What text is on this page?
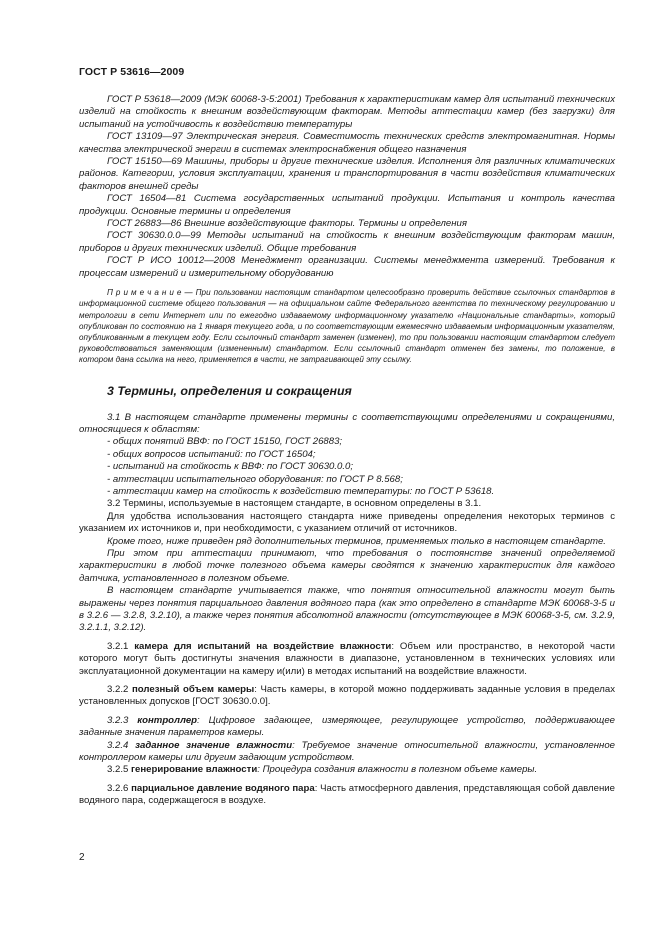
ГОСТ Р 53616—2009

ГОСТ Р 53618—2009 (МЭК 60068-3-5:2001) Требования к характеристикам камер для испытаний технических изделий на стойкость к внешним воздействующим факторам. Методы аттестации камер (без загрузки) для испытаний на устойчивость к воздействию температуры

ГОСТ 13109—97 Электрическая энергия. Совместимость технических средств электромагнитная. Нормы качества электрической энергии в системах электроснабжения общего назначения

ГОСТ 15150—69 Машины, приборы и другие технические изделия. Исполнения для различных климатических районов. Категории, условия эксплуатации, хранения и транспортирования в части воздействия климатических факторов внешней среды

ГОСТ 16504—81 Система государственных испытаний продукции. Испытания и контроль качества продукции. Основные термины и определения

ГОСТ 26883—86 Внешние воздействующие факторы. Термины и определения

ГОСТ 30630.0.0—99 Методы испытаний на стойкость к внешним воздействующим факторам машин, приборов и других технических изделий. Общие требования

ГОСТ Р ИСО 10012—2008 Менеджмент организации. Системы менеджмента измерений. Требования к процессам измерений и измерительному оборудованию

П р и м е ч а н и е — При пользовании настоящим стандартом целесообразно проверить действие ссылочных стандартов в информационной системе общего пользования — на официальном сайте Федерального агентства по техническому регулированию и метрологии в сети Интернет или по ежегодно издаваемому информационному указателю «Национальные стандарты», который опубликован по состоянию на 1 января текущего года, и по соответствующим ежемесячно издаваемым информационным указателям, опубликованным в текущем году. Если ссылочный стандарт заменен (изменен), то при пользовании настоящим стандартом следует руководствоваться заменяющим (измененным) стандартом. Если ссылочный стандарт отменен без замены, то положение, в котором дана ссылка на него, применяется в части, не затрагивающей эту ссылку.

3 Термины, определения и сокращения

3.1 В настоящем стандарте применены термины с соответствующими определениями и сокращениями, относящиеся к областям:

- общих понятий ВВФ: по ГОСТ 15150, ГОСТ 26883;

- общих вопросов испытаний: по ГОСТ 16504;

- испытаний на стойкость к ВВФ: по ГОСТ 30630.0.0;

- аттестации испытательного оборудования: по ГОСТ Р 8.568;

- аттестации камер на стойкость к воздействию температуры: по ГОСТ Р 53618.

3.2 Термины, используемые в настоящем стандарте, в основном определены в 3.1.

Для удобства использования настоящего стандарта ниже приведены определения некоторых терминов с указанием их источников и, при необходимости, с указанием отличий от источников.

Кроме того, ниже приведен ряд дополнительных терминов, применяемых только в настоящем стандарте.

При этом при аттестации принимают, что требования о постоянстве значений определяемой характеристики в любой точке полезного объема камеры сводятся к значению характеристик для каждого датчика, установленного в полезном объеме.

В настоящем стандарте учитывается также, что понятия относительной влажности могут быть выражены через понятия парциального давления водяного пара (как это определено в стандарте МЭК 60068-3-5 и в 3.2.6 — 3.2.8, 3.2.10), а также через понятия абсолютной влажности (отсутствующее в МЭК 60068-3-5, см. 3.2.9, 3.2.1.1, 3.2.12).

3.2.1 камера для испытаний на воздействие влажности: Объем или пространство, в некоторой части которого могут быть достигнуты значения влажности в диапазоне, установленном в технических условиях или эксплуатационной документации на камеру и(или) в методах испытаний на воздействие влажности.

3.2.2 полезный объем камеры: Часть камеры, в которой можно поддерживать заданные условия в пределах установленных допусков [ГОСТ 30630.0.0].

3.2.3 контроллер: Цифровое задающее, измеряющее, регулирующее устройство, поддерживающее заданные значения параметров камеры.

3.2.4 заданное значение влажности: Требуемое значение относительной влажности, установленное контроллером камеры или другим задающим устройством.

3.2.5 генерирование влажности: Процедура создания влажности в полезном объеме камеры.

3.2.6 парциальное давление водяного пара: Часть атмосферного давления, представляющая собой давление водяного пара, содержащегося в воздухе.

2
